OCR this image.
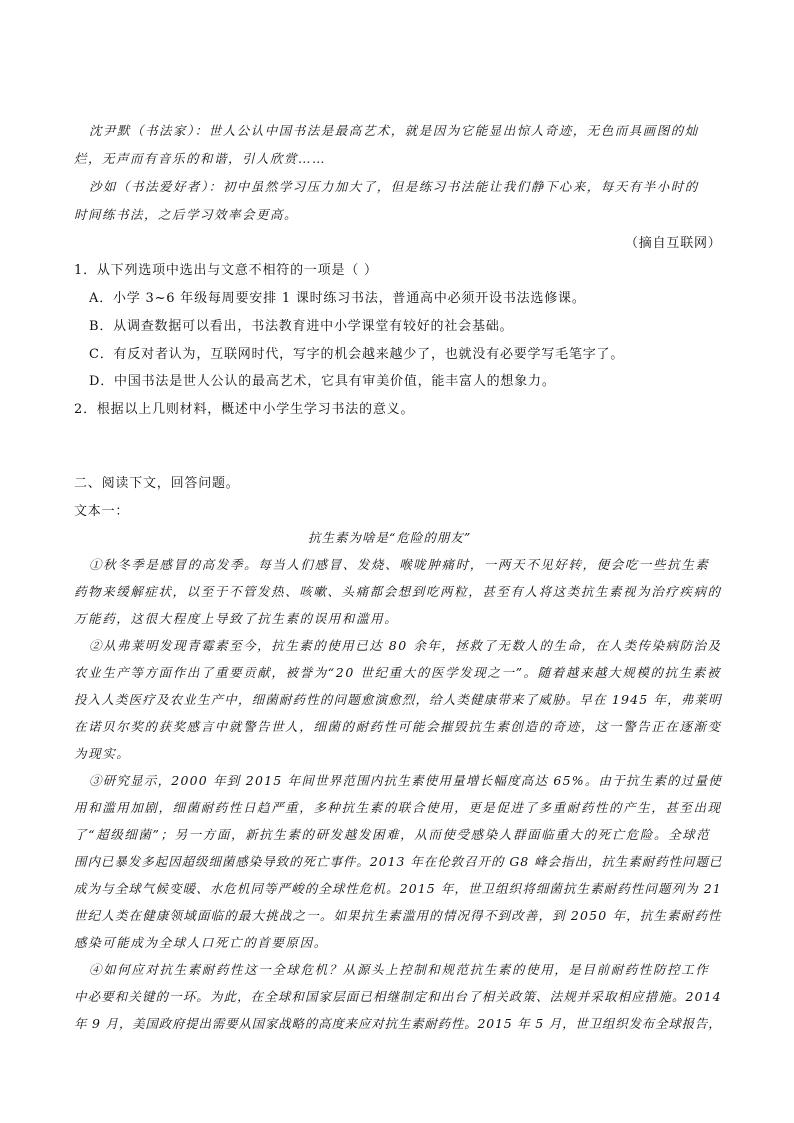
沈尹默（书法家）：世人公认中国书法是最高艺术，就是因为它能显出惊人奇迹，无色而具画图的灿

烂，无声而有音乐的和谐，引人欣赏……

沙如（书法爱好者）：初中虽然学习压力加大了，但是练习书法能让我们静下心来，每天有半小时的

时间练书法，之后学习效率会更高。

（摘自互联网）

1．从下列选项中选出与文意不相符的一项是（ ）

A．小学 3~6 年级每周要安排 1 课时练习书法，普通高中必须开设书法选修课。

B．从调查数据可以看出，书法教育进中小学课堂有较好的社会基础。

C．有反对者认为，互联网时代，写字的机会越来越少了，也就没有必要学写毛笔字了。

D．中国书法是世人公认的最高艺术，它具有审美价值，能丰富人的想象力。

2．根据以上几则材料，概述中小学生学习书法的意义。

二、阅读下文，回答问题。

文本一：

抗生素为啥是“危险的朋友”

①秋冬季是感冒的高发季。每当人们感冒、发烧、喉咙肿痛时，一两天不见好转，便会吃一些抗生素

药物来缓解症状，以至于不管发热、咳嗽、头痛都会想到吃两粒，甚至有人将这类抗生素视为治疗疾病的

万能药，这很大程度上导致了抗生素的误用和滥用。

②从弗莱明发现青霉素至今，抗生素的使用已达 80 余年，拯救了无数人的生命，在人类传染病防治及

农业生产等方面作出了重要贡献，被誉为“20 世纪重大的医学发现之一”。随着越来越大规模的抗生素被

投入人类医疗及农业生产中，细菌耐药性的问题愈演愈烈，给人类健康带来了威胁。早在 1945 年，弗莱明

在诺贝尔奖的获奖感言中就警告世人，细菌的耐药性可能会摧毁抗生素创造的奇迹，这一警告正在逐渐变

为现实。

③研究显示，2000 年到 2015 年间世界范围内抗生素使用量增长幅度高达 65%。由于抗生素的过量使

用和滥用加剧，细菌耐药性日趋严重，多种抗生素的联合使用，更是促进了多重耐药性的产生，甚至出现

了“超级细菌”；另一方面，新抗生素的研发越发困难，从而使受感染人群面临重大的死亡危险。全球范

围内已暴发多起因超级细菌感染导致的死亡事件。2013 年在伦敦召开的 G8 峰会指出，抗生素耐药性问题已

成为与全球气候变暖、水危机同等严峻的全球性危机。2015 年，世卫组织将细菌抗生素耐药性问题列为 21

世纪人类在健康领域面临的最大挑战之一。如果抗生素滥用的情况得不到改善，到 2050 年，抗生素耐药性

感染可能成为全球人口死亡的首要原因。

④如何应对抗生素耐药性这一全球危机？从源头上控制和规范抗生素的使用，是目前耐药性防控工作

中必要和关键的一环。为此，在全球和国家层面已相继制定和出台了相关政策、法规并采取相应措施。2014

年 9 月，美国政府提出需要从国家战略的高度来应对抗生素耐药性。2015 年 5 月，世卫组织发布全球报告，
